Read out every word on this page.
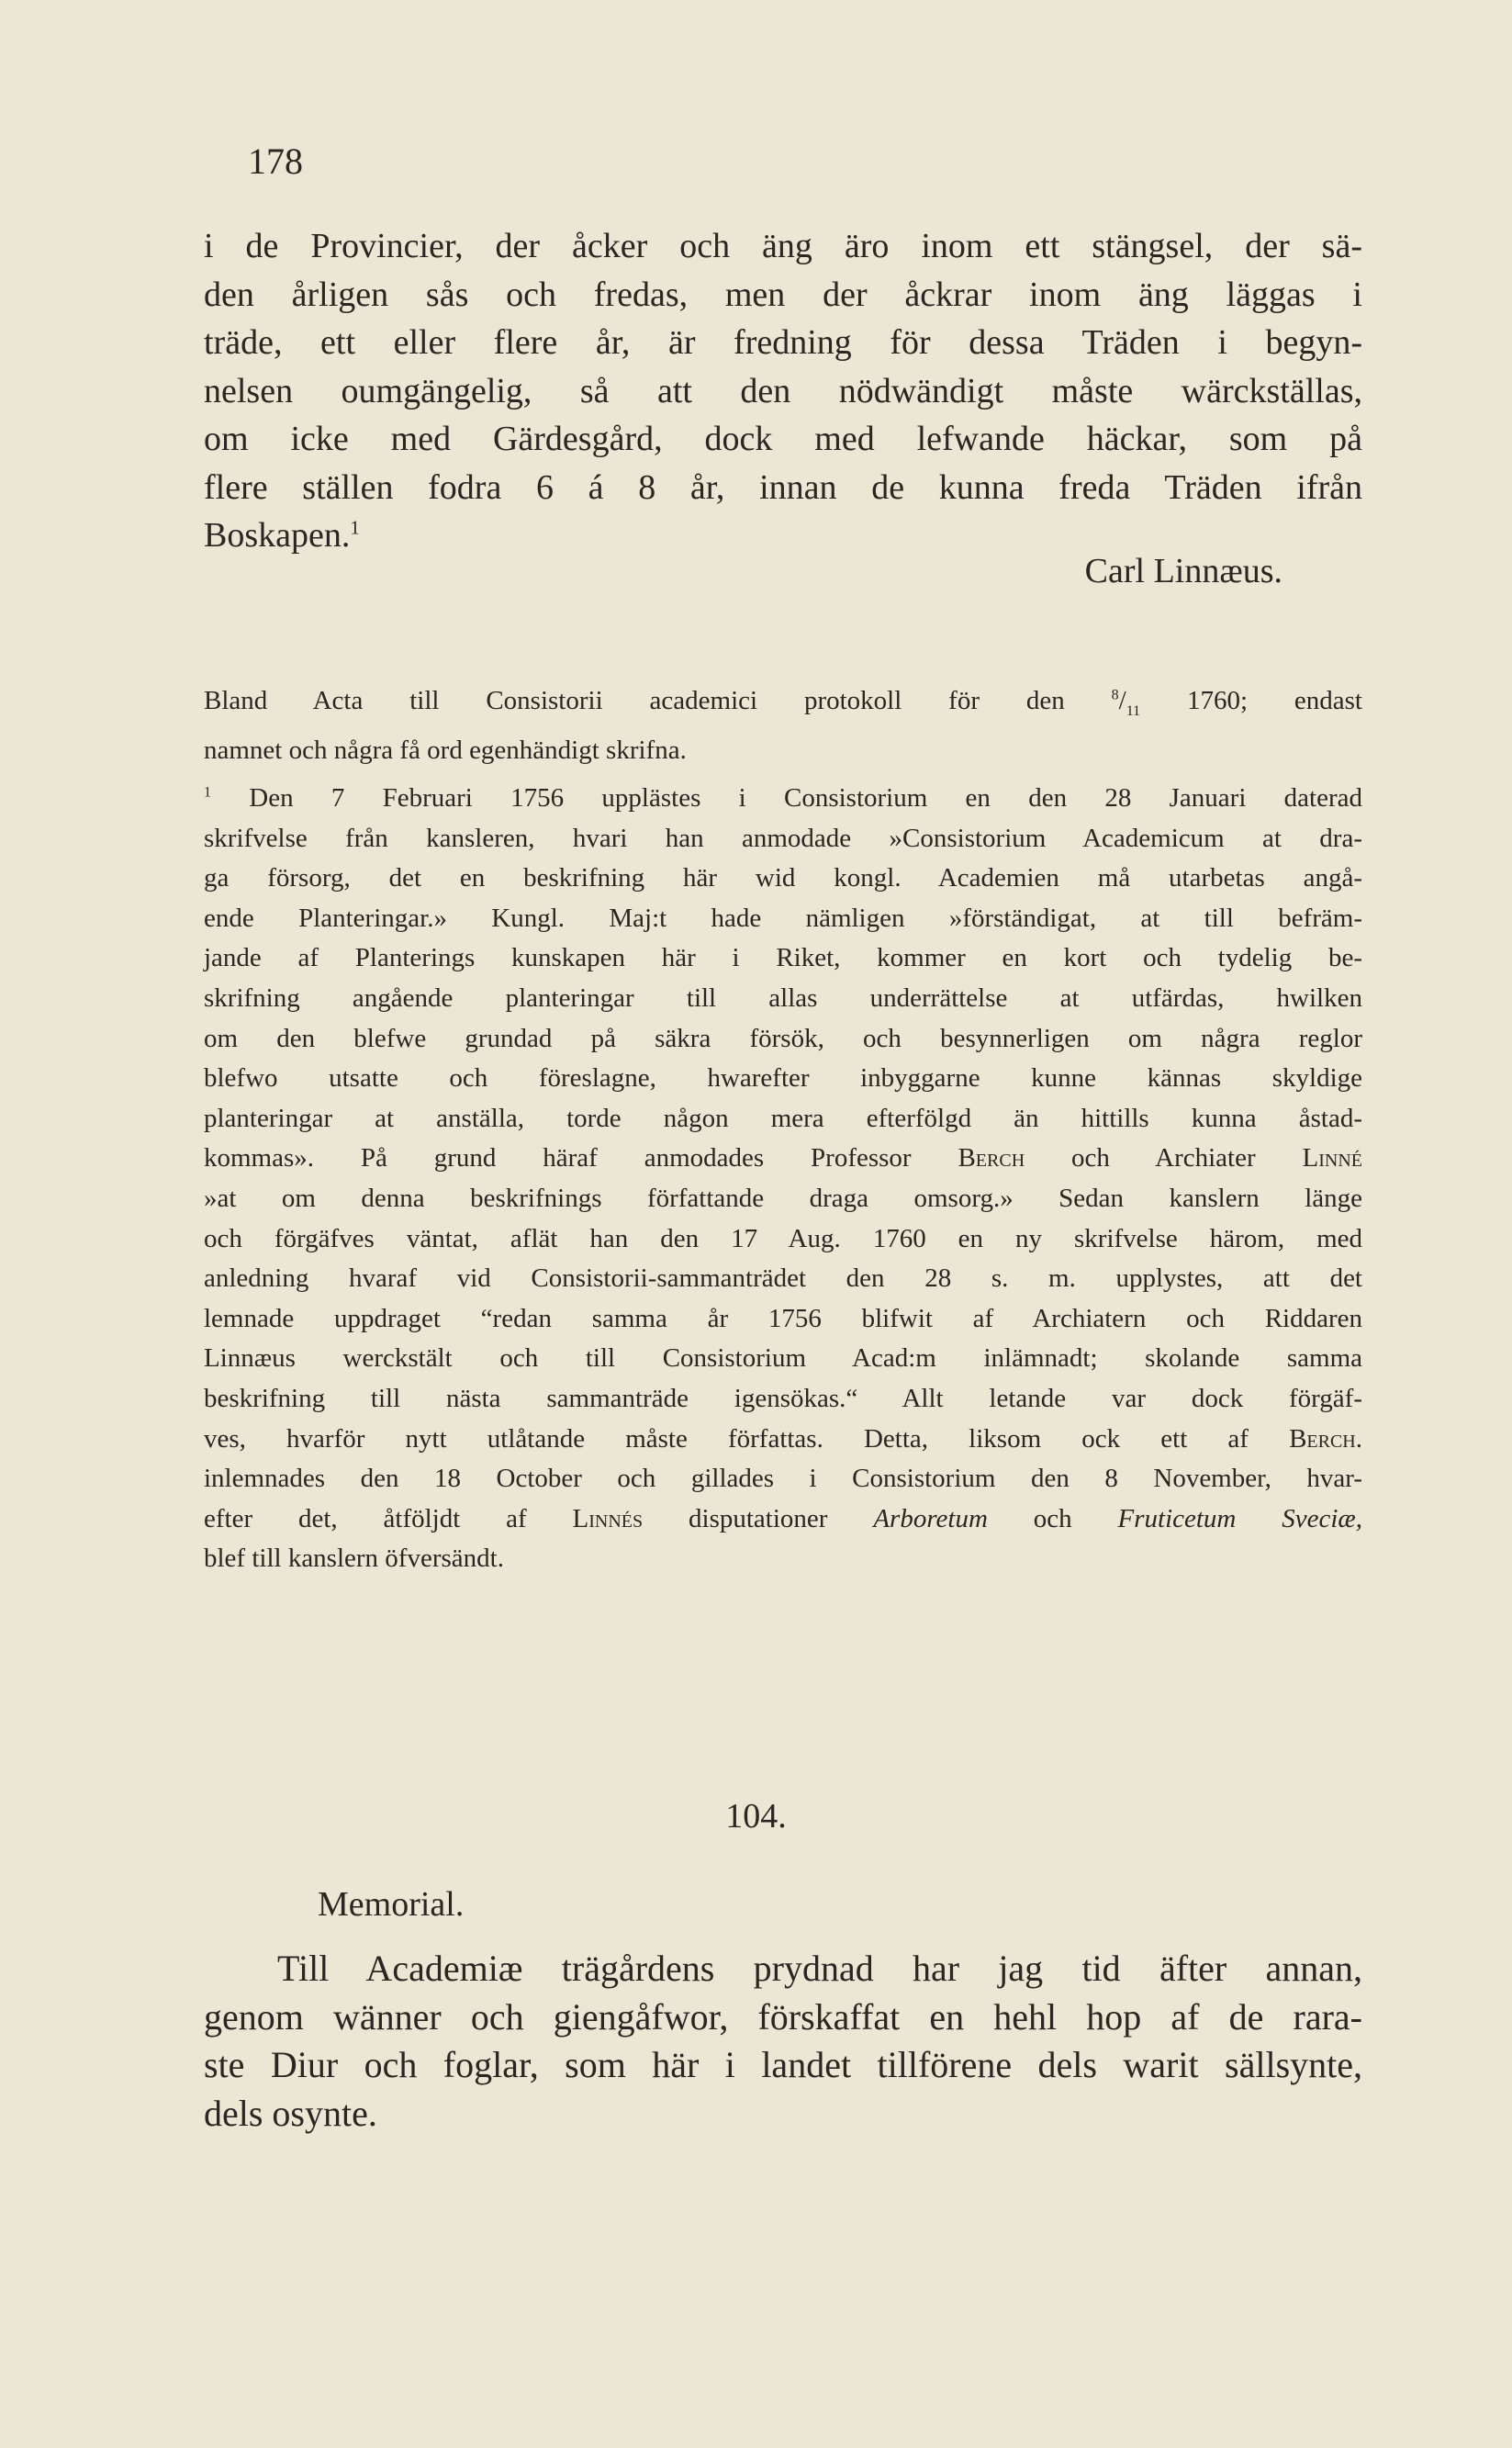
178
i de Provincier, der åcker och äng äro inom ett stängsel, der sä-
den årligen sås och fredas, men der åckrar inom äng läggas i
träde, ett eller flere år, är fredning för dessa Träden i begyn-
nelsen oumgängelig, så att den nödwändigt måste wärckställas,
om icke med Gärdesgård, dock med lefwande häckar, som på
flere ställen fodra 6 á 8 år, innan de kunna freda Träden ifrån
Boskapen.$^1$
Carl Linnæus.
Bland Acta till Consistorii academici protokoll för den $^8/_{11}$ 1760; endast
namnet och några få ord egenhändigt skrifna.
$^1$ Den 7 Februari 1756 upplästes i Consistorium en den 28 Januari daterad
skrifvelse från kansleren, hvari han anmodade »Consistorium Academicum at dra-
ga försorg, det en beskrifning här wid kongl. Academien må utarbetas angå-
ende Planteringar.» Kungl. Maj:t hade nämligen »förständigat, at till befräm-
jande af Planterings kunskapen här i Riket, kommer en kort och tydelig be-
skrifning angående planteringar till allas underrättelse at utfärdas, hwilken
om den blefwe grundad på säkra försök, och besynnerligen om några reglor
blefwo utsatte och föreslagne, hwarefter inbyggarne kunne kännas skyldige
planteringar at anställa, torde någon mera efterfölgd än hittills kunna åstad-
kommas». På grund häraf anmodades Professor Berch och Archiater Linné
»at om denna beskrifnings författande draga omsorg.» Sedan kanslern länge
och förgäfves väntat, aflät han den 17 Aug. 1760 en ny skrifvelse härom, med
anledning hvaraf vid Consistorii-sammanträdet den 28 s. m. upplystes, att det
lemnade uppdraget “redan samma år 1756 blifwit af Archiatern och Riddaren
Linnæus werckstält och till Consistorium Acad:m inlämnadt; skolande samma
beskrifning till nästa sammanträde igensökas.“ Allt letande var dock förgäf-
ves, hvarför nytt utlåtande måste författas. Detta, liksom ock ett af Berch.
inlemnades den 18 October och gillades i Consistorium den 8 November, hvar-
efter det, åtföljdt af Linnés disputationer Arboretum och Fruticetum Sveciæ,
blef till kanslern öfversändt.
104.
Memorial.
Till Academiæ trägårdens prydnad har jag tid äfter annan,
genom wänner och giengåfwor, förskaffat en hehl hop af de rara-
ste Diur och foglar, som här i landet tillförene dels warit sällsynte,
dels osynte.
